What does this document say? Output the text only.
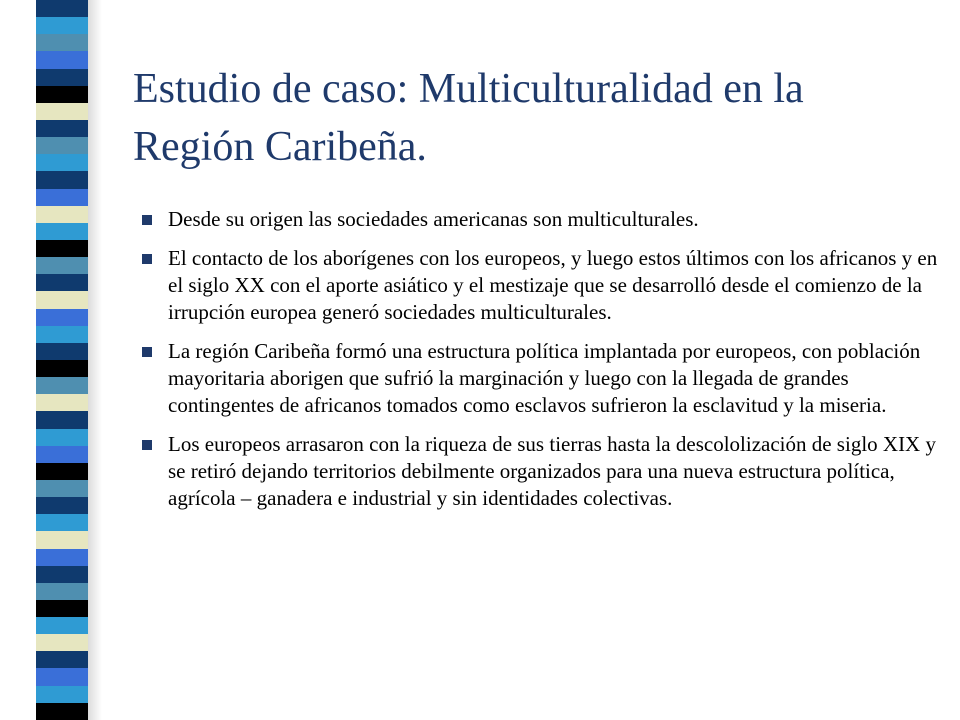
Estudio de caso: Multiculturalidad en la
Región Caribeña.
Desde su origen las sociedades americanas son multiculturales.
El contacto de los aborígenes con los europeos, y luego estos últimos con los africanos y en el siglo XX con el aporte asiático y el mestizaje que se desarrolló desde el comienzo de la irrupción europea generó sociedades multiculturales.
La región Caribeña formó una estructura política implantada por europeos, con población mayoritaria aborigen que sufrió la marginación y luego con la llegada de grandes contingentes de africanos tomados como esclavos sufrieron la esclavitud y la miseria.
Los europeos arrasaron con la riqueza de sus tierras hasta la descololización de siglo XIX y se retiró dejando territorios debilmente organizados para una nueva estructura política, agrícola – ganadera e industrial y sin identidades colectivas.
